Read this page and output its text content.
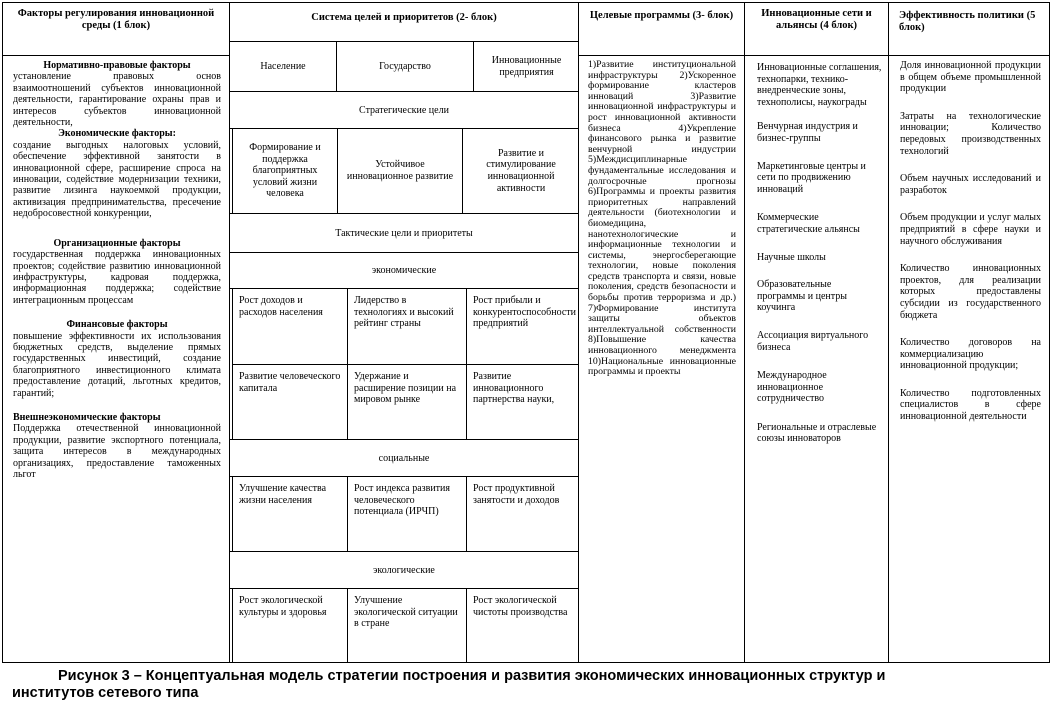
Факторы регулирования инновационной среды (1 блок)
Нормативно-правовые факторы
установление правовых основ взаимоотношений субъектов инновационной деятельности, гарантирование охраны прав и интересов субъектов инновационной деятельности,
Экономические факторы:
создание выгодных налоговых условий, обеспечение эффективной занятости в инновационной сфере, расширение спроса на инновации, содействие модернизации техники, развитие лизинга наукоемкой продукции, активизация предпринимательства, пресечение недобросовестной конкуренции,
Организационные факторы
государственная поддержка инновационных проектов; содействие развитию инновационной инфраструктуры, кадровая поддержка, информационная поддержка; содействие интеграционным процессам
Финансовые факторы
повышение эффективности их использования бюджетных средств, выделение прямых государственных инвестиций, создание благоприятного инвестиционного климата предоставление дотаций, льготных кредитов, гарантий;
Внешнеэкономические факторы
Поддержка отечественной инновационной продукции, развитие экспортного потенциала, защита интересов в международных организациях, предоставление таможенных льгот
Система целей и приоритетов (2- блок)
Население	Государство
Инновационные предприятия
Стратегические цели
Формирование и поддержка благоприятных условий жизни человека
Устойчивое инновационное развитие
Развитие и стимулирование инновационной активности
Тактические цели и приоритеты
экономические
Рост доходов и расходов населения
Лидерство в технологиях и высокий рейтинг страны
Рост прибыли и конкурентоспособности предприятий
Развитие человеческого капитала
Удержание и расширение позиции на мировом рынке
Развитие инновационного партнерства науки,
социальные
Улучшение качества жизни населения
Рост индекса развития человеческого потенциала (ИРЧП)
Рост продуктивной занятости и доходов
экологические
Рост экологической культуры и здоровья
Улучшение экологической ситуации в стране
Рост экологической чистоты производства
Целевые программы (3- блок)
1)Развитие институциональной инфраструктуры 2)Ускоренное формирование кластеров инноваций 3)Развитие инновационной инфраструктуры и рост инновационной активности бизнеса 4)Укрепление финансового рынка и развитие венчурной индустрии 5)Междисциплинарные фундаментальные исследования и долгосрочные прогнозы 6)Программы и проекты развития приоритетных направлений деятельности (биотехнологии и биомедицина, нанотехнологические и информационные технологии и системы, энергосберегающие технологии, новые поколения средств транспорта и связи, новые поколения, средств безопасности и борьбы против терроризма и др.) 7)Формирование института защиты объектов интеллектуальной собственности 8)Повышение качества инновационного менеджмента 10)Национальные инновационные программы и проекты
Инновационные сети и альянсы (4 блок)
Инновационные соглашения, технопарки, технико-внедренческие зоны, технополисы, наукограды
Венчурная индустрия и бизнес-группы
Маркетинговые центры и сети по продвижению инноваций
Коммерческие стратегические альянсы
Научные школы
Образовательные программы и центры коучинга
Ассоциация виртуального бизнеса
Международное инновационное сотрудничество
Региональные и отраслевые союзы инноваторов
Эффективность политики (5 блок)
Доля инновационной продукции в общем объеме промышленной продукции
Затраты на технологические инновации; Количество передовых производственных технологий
Объем научных исследований и разработок
Объем продукции и услуг малых предприятий в сфере науки и научного обслуживания
Количество инновационных проектов, для реализации которых предоставлены субсидии из государственного бюджета
Количество договоров на коммерциализацию инновационной продукции;
Количество подготовленных специалистов в сфере инновационной деятельности
Рисунок 3 – Концептуальная модель стратегии построения и развития экономических инновационных структур и
институтов сетевого типа
